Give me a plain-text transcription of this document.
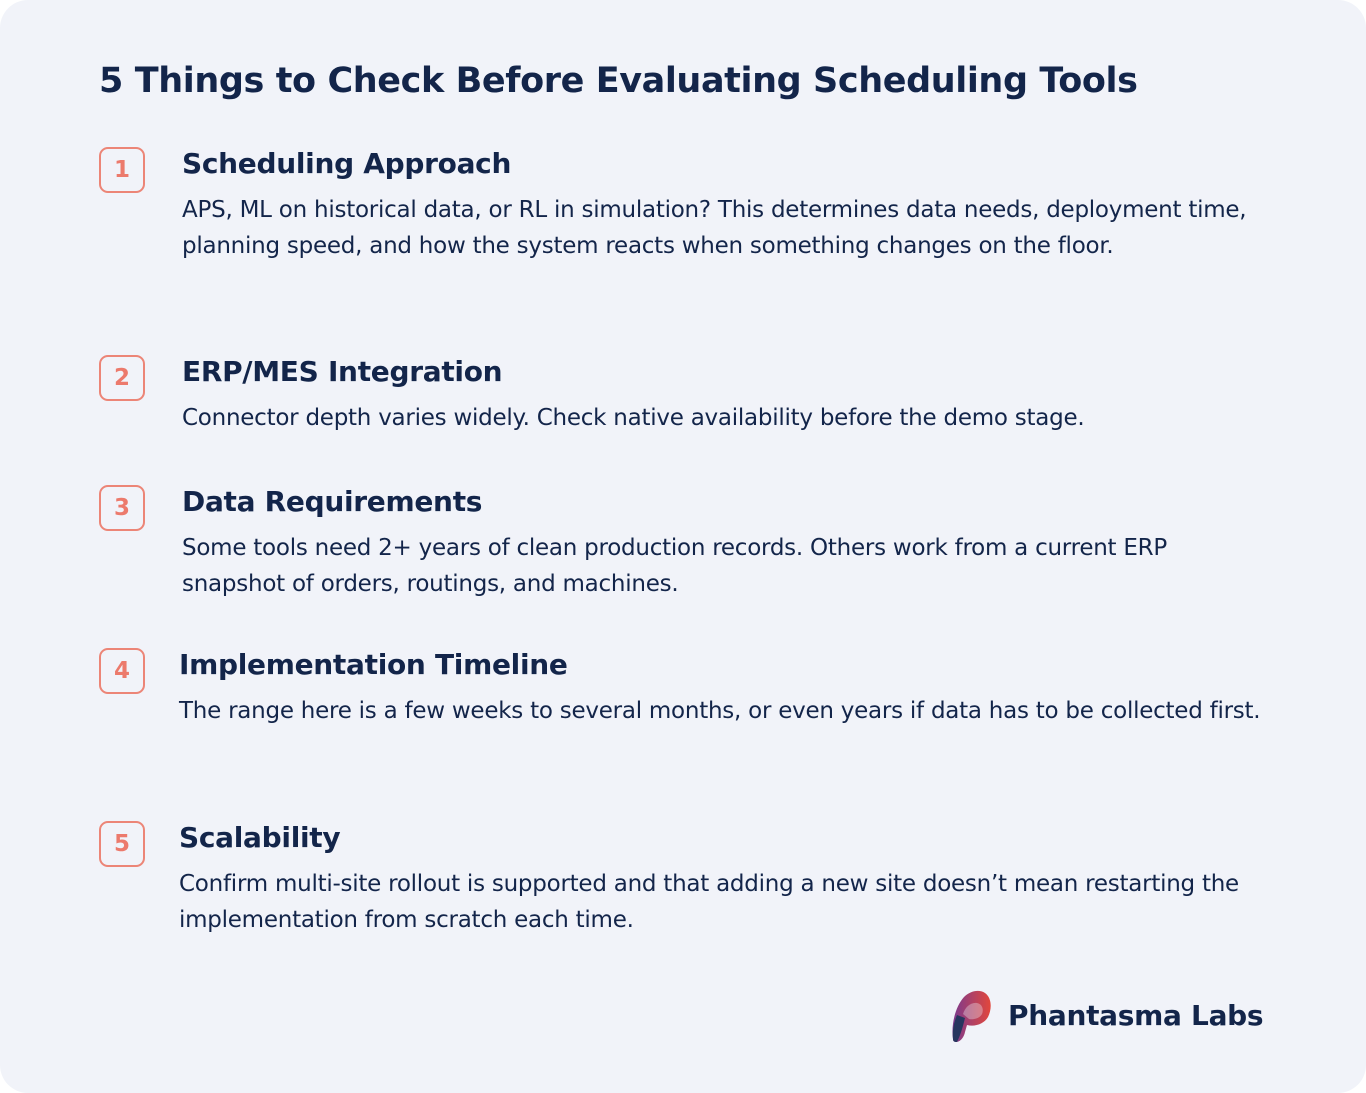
5 Things to Check Before Evaluating Scheduling Tools
1	Scheduling Approach
APS, ML on historical data, or RL in simulation? This determines data needs, deployment time, planning speed, and how the system reacts when something changes on the floor.
2	ERP/MES Integration
Connector depth varies widely. Check native availability before the demo stage.
3	Data Requirements
Some tools need 2+ years of clean production records. Others work from a current ERP snapshot of orders, routings, and machines.
4	Implementation Timeline
The range here is a few weeks to several months, or even years if data has to be collected first.
5	Scalability
Confirm multi-site rollout is supported and that adding a new site doesn’t mean restarting the implementation from scratch each time.
Phantasma Labs
